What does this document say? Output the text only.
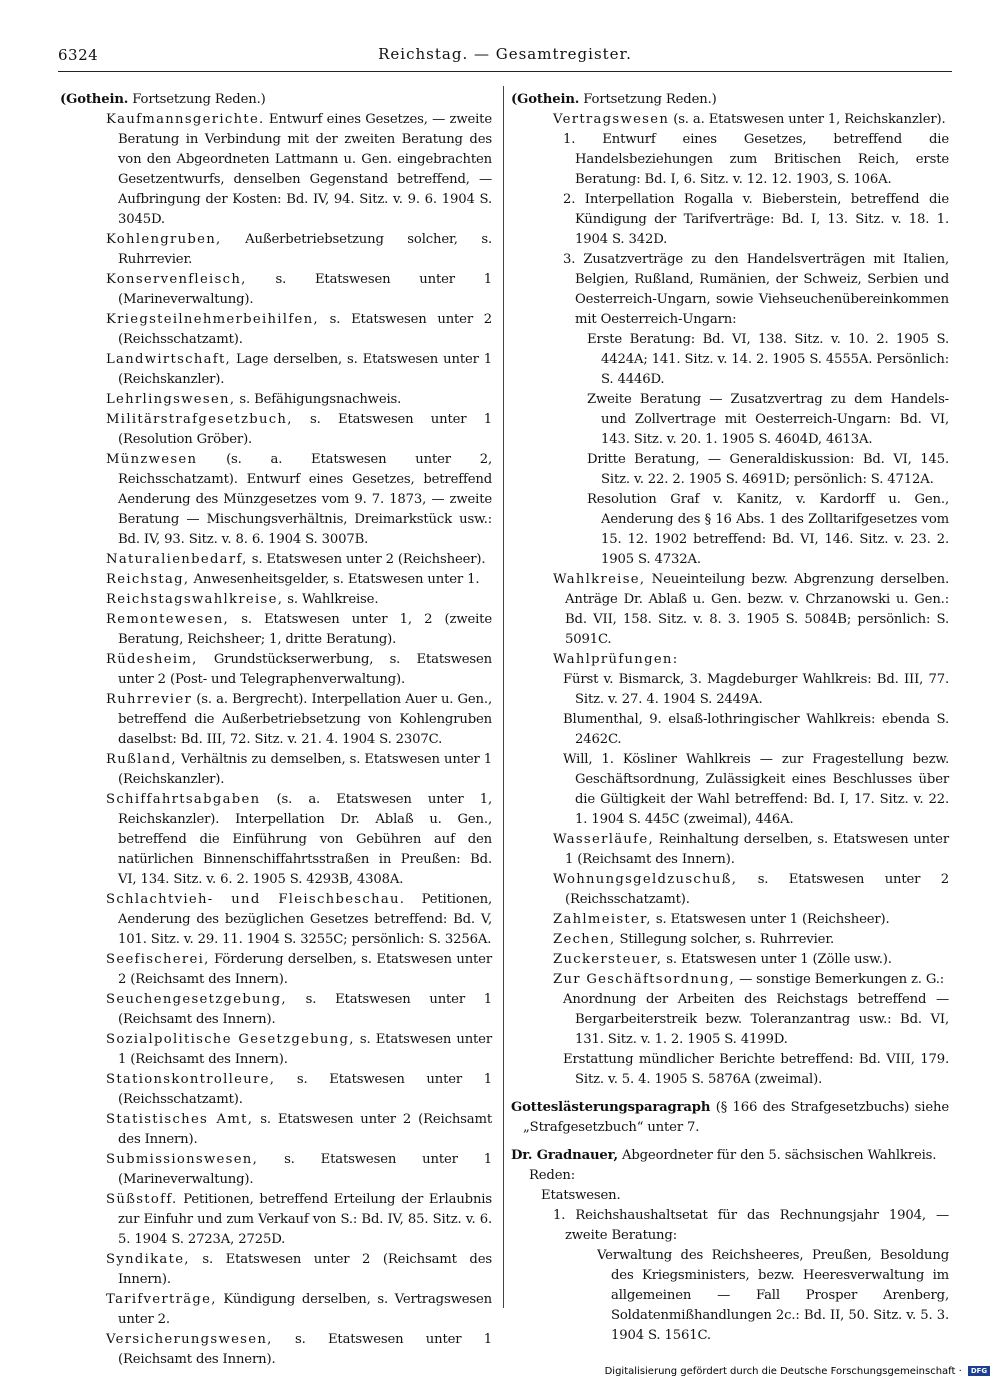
6324	Reichstag. — Gesamtregister.

(Gothein. Fortsetzung Reden.)

Kaufmannsgerichte. Entwurf eines Gesetzes, — zweite Beratung in Verbindung mit der zweiten Beratung des von den Abgeordneten Lattmann u. Gen. eingebrachten Gesetzentwurfs, denselben Gegenstand betreffend, — Aufbringung der Kosten: Bd. IV, 94. Sitz. v. 9. 6. 1904 S. 3045D.

Kohlengruben, Außerbetriebsetzung solcher, s. Ruhrrevier.

Konservenfleisch, s. Etatswesen unter 1 (Marineverwaltung).

Kriegsteilnehmerbeihilfen, s. Etatswesen unter 2 (Reichsschatzamt).

Landwirtschaft, Lage derselben, s. Etatswesen unter 1 (Reichskanzler).

Lehrlingswesen, s. Befähigungsnachweis.

Militärstrafgesetzbuch, s. Etatswesen unter 1 (Resolution Gröber).

Münzwesen (s. a. Etatswesen unter 2, Reichsschatzamt). Entwurf eines Gesetzes, betreffend Aenderung des Münzgesetzes vom 9. 7. 1873, — zweite Beratung — Mischungsverhältnis, Dreimarkstück usw.: Bd. IV, 93. Sitz. v. 8. 6. 1904 S. 3007B.

Naturalienbedarf, s. Etatswesen unter 2 (Reichsheer).

Reichstag, Anwesenheitsgelder, s. Etatswesen unter 1.

Reichstagswahlkreise, s. Wahlkreise.

Remontewesen, s. Etatswesen unter 1, 2 (zweite Beratung, Reichsheer; 1, dritte Beratung).

Rüdesheim, Grundstückserwerbung, s. Etatswesen unter 2 (Post- und Telegraphenverwaltung).

Ruhrrevier (s. a. Bergrecht). Interpellation Auer u. Gen., betreffend die Außerbetriebsetzung von Kohlengruben daselbst: Bd. III, 72. Sitz. v. 21. 4. 1904 S. 2307C.

Rußland, Verhältnis zu demselben, s. Etatswesen unter 1 (Reichskanzler).

Schiffahrtsabgaben (s. a. Etatswesen unter 1, Reichskanzler). Interpellation Dr. Ablaß u. Gen., betreffend die Einführung von Gebühren auf den natürlichen Binnenschiffahrtsstraßen in Preußen: Bd. VI, 134. Sitz. v. 6. 2. 1905 S. 4293B, 4308A.

Schlachtvieh- und Fleischbeschau. Petitionen, Aenderung des bezüglichen Gesetzes betreffend: Bd. V, 101. Sitz. v. 29. 11. 1904 S. 3255C; persönlich: S. 3256A.

Seefischerei, Förderung derselben, s. Etatswesen unter 2 (Reichsamt des Innern).

Seuchengesetzgebung, s. Etatswesen unter 1 (Reichsamt des Innern).

Sozialpolitische Gesetzgebung, s. Etatswesen unter 1 (Reichsamt des Innern).

Stationskontrolleure, s. Etatswesen unter 1 (Reichsschatzamt).

Statistisches Amt, s. Etatswesen unter 2 (Reichsamt des Innern).

Submissionswesen, s. Etatswesen unter 1 (Marineverwaltung).

Süßstoff. Petitionen, betreffend Erteilung der Erlaubnis zur Einfuhr und zum Verkauf von S.: Bd. IV, 85. Sitz. v. 6. 5. 1904 S. 2723A, 2725D.

Syndikate, s. Etatswesen unter 2 (Reichsamt des Innern).

Tarifverträge, Kündigung derselben, s. Vertragswesen unter 2.

Versicherungswesen, s. Etatswesen unter 1 (Reichsamt des Innern).

(Gothein. Fortsetzung Reden.)

Vertragswesen (s. a. Etatswesen unter 1, Reichskanzler).

1. Entwurf eines Gesetzes, betreffend die Handelsbeziehungen zum Britischen Reich, erste Beratung: Bd. I, 6. Sitz. v. 12. 12. 1903, S. 106A.

2. Interpellation Rogalla v. Bieberstein, betreffend die Kündigung der Tarifverträge: Bd. I, 13. Sitz. v. 18. 1. 1904 S. 342D.

3. Zusatzverträge zu den Handelsverträgen mit Italien, Belgien, Rußland, Rumänien, der Schweiz, Serbien und Oesterreich-Ungarn, sowie Viehseuchenübereinkommen mit Oesterreich-Ungarn:

Erste Beratung: Bd. VI, 138. Sitz. v. 10. 2. 1905 S. 4424A; 141. Sitz. v. 14. 2. 1905 S. 4555A. Persönlich: S. 4446D.

Zweite Beratung — Zusatzvertrag zu dem Handels- und Zollvertrage mit Oesterreich-Ungarn: Bd. VI, 143. Sitz. v. 20. 1. 1905 S. 4604D, 4613A.

Dritte Beratung, — Generaldiskussion: Bd. VI, 145. Sitz. v. 22. 2. 1905 S. 4691D; persönlich: S. 4712A.

Resolution Graf v. Kanitz, v. Kardorff u. Gen., Aenderung des § 16 Abs. 1 des Zolltarifgesetzes vom 15. 12. 1902 betreffend: Bd. VI, 146. Sitz. v. 23. 2. 1905 S. 4732A.

Wahlkreise, Neueinteilung bezw. Abgrenzung derselben. Anträge Dr. Ablaß u. Gen. bezw. v. Chrzanowski u. Gen.: Bd. VII, 158. Sitz. v. 8. 3. 1905 S. 5084B; persönlich: S. 5091C.

Wahlprüfungen:

Fürst v. Bismarck, 3. Magdeburger Wahlkreis: Bd. III, 77. Sitz. v. 27. 4. 1904 S. 2449A.

Blumenthal, 9. elsaß-lothringischer Wahlkreis: ebenda S. 2462C.

Will, 1. Kösliner Wahlkreis — zur Fragestellung bezw. Geschäftsordnung, Zulässigkeit eines Beschlusses über die Gültigkeit der Wahl betreffend: Bd. I, 17. Sitz. v. 22. 1. 1904 S. 445C (zweimal), 446A.

Wasserläufe, Reinhaltung derselben, s. Etatswesen unter 1 (Reichsamt des Innern).

Wohnungsgeldzuschuß, s. Etatswesen unter 2 (Reichsschatzamt).

Zahlmeister, s. Etatswesen unter 1 (Reichsheer).

Zechen, Stillegung solcher, s. Ruhrrevier.

Zuckersteuer, s. Etatswesen unter 1 (Zölle usw.).

Zur Geschäftsordnung, — sonstige Bemerkungen z. G.:

Anordnung der Arbeiten des Reichstags betreffend — Bergarbeiterstreik bezw. Toleranzantrag usw.: Bd. VI, 131. Sitz. v. 1. 2. 1905 S. 4199D.

Erstattung mündlicher Berichte betreffend: Bd. VIII, 179. Sitz. v. 5. 4. 1905 S. 5876A (zweimal).

Gotteslästerungsparagraph (§ 166 des Strafgesetzbuchs) siehe „Strafgesetzbuch“ unter 7.

Dr. Gradnauer, Abgeordneter für den 5. sächsischen Wahlkreis.

Reden:

Etatswesen.

1. Reichshaushaltsetat für das Rechnungsjahr 1904, — zweite Beratung:

Verwaltung des Reichsheeres, Preußen, Besoldung des Kriegsministers, bezw. Heeresverwaltung im allgemeinen — Fall Prosper Arenberg, Soldatenmißhandlungen 2c.: Bd. II, 50. Sitz. v. 5. 3. 1904 S. 1561C.

Digitalisierung gefördert durch die Deutsche Forschungsgemeinschaft · DFG
